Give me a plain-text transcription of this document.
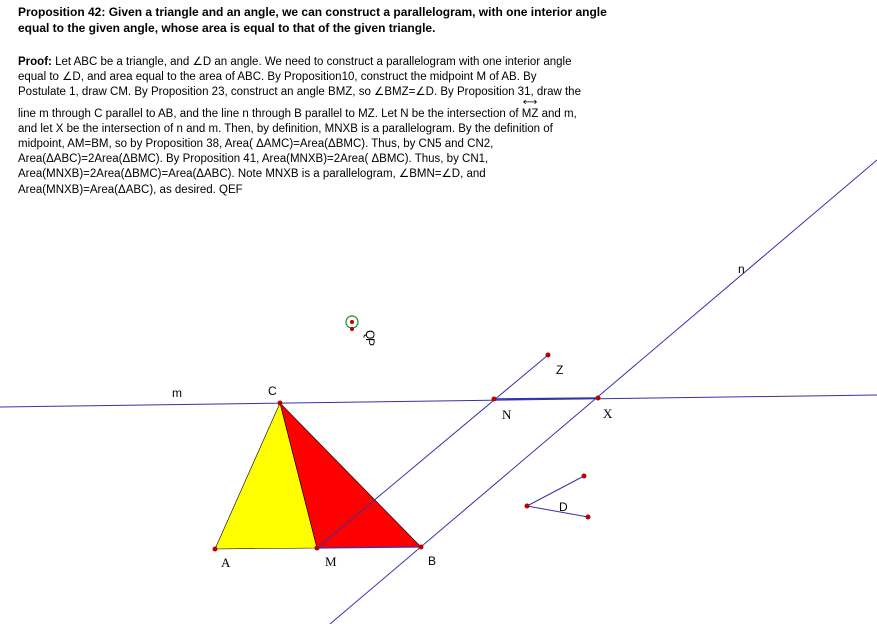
Proposition 42: Given a triangle and an angle, we can construct a parallelogram, with one interior angle equal to the given angle, whose area is equal to that of the given triangle.

Proof: Let ABC be a triangle, and ∠D an angle. We need to construct a parallelogram with one interior angle

equal to ∠D, and area equal to the area of ABC. By Proposition10, construct the midpoint M of AB. By

Postulate 1, draw CM. By Proposition 23, construct an angle BMZ, so ∠BMZ=∠D. By Proposition 31, draw the

line m through C parallel to AB, and the line n through B parallel to MZ. Let N be the intersection of
⟷
MZ and m,

and let X be the intersection of n and m. Then, by definition, MNXB is a parallelogram. By the definition of

midpoint, AM=BM, so by Proposition 38, Area( ΔAMC)=Area(ΔBMC). Thus, by CN5 and CN2,

Area(ΔABC)=2Area(ΔBMC). By Proposition 41, Area(MNXB)=2Area( ΔBMC). Thus, by CN1,

Area(MNXB)=2Area(ΔBMC)=Area(ΔABC). Note MNXB is a parallelogram, ∠BMN=∠D, and

Area(MNXB)=Area(ΔABC), as desired. QEF

m
n
C
A	M	B
N	X
Z
D
Q
P
